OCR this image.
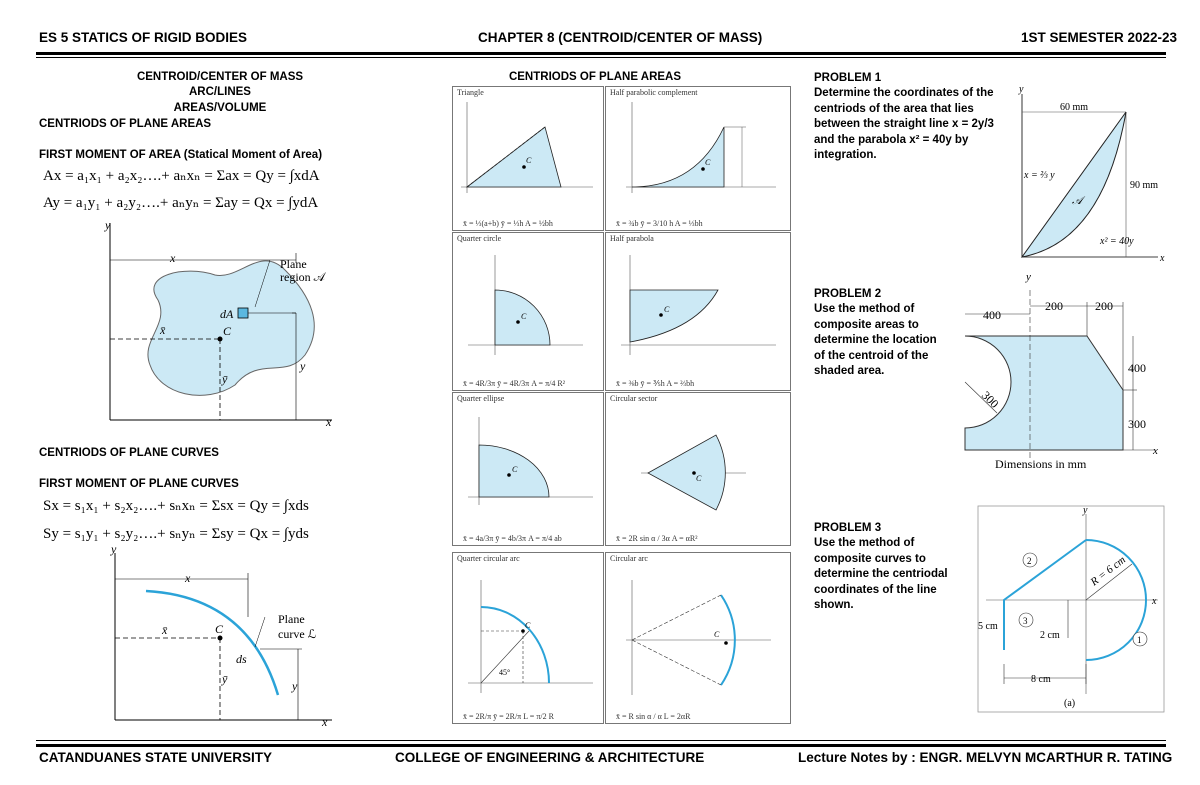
ES 5 STATICS OF RIGID BODIES	CHAPTER 8 (CENTROID/CENTER OF MASS)	1ST SEMESTER 2022-23
CENTROID/CENTER OF MASS
ARC/LINES
AREAS/VOLUME
CENTRIODS OF PLANE AREAS
FIRST MOMENT OF AREA (Statical Moment of Area)
Ax = a₁x₁ + a₂x₂….+ aₙxₙ = Σax = Qy = ∫xdA
Ay = a₁y₁ + a₂y₂….+ aₙyₙ = Σay = Qx = ∫ydA
x
y
x
y
Plane
region 𝒜
dA
C
x̄
ȳ
CENTRIODS OF PLANE CURVES
FIRST MOMENT OF PLANE CURVES
Sx = s₁x₁ + s₂x₂….+ sₙxₙ = Σsx = Qy = ∫xds
Sy = s₁y₁ + s₂y₂….+ sₙyₙ = Σsy = Qx = ∫yds
x
y
x
y
Plane
curve ℒ
ds
C
x̄
ȳ
CENTRIODS OF PLANE AREAS
Triangle
C
x̄ = ⅓(a+b) ȳ = ⅓h A = ½bh
Half parabolic complement
C
x̄ = ¾b ȳ = 3/10 h A = ⅓bh
Quarter circle
C
x̄ = 4R/3π ȳ = 4R/3π A = π/4 R²
Half parabola
C
x̄ = ⅜b ȳ = ⅗h A = ⅔bh
Quarter ellipse
C
x̄ = 4a/3π ȳ = 4b/3π A = π/4 ab
Circular sector
C
x̄ = 2R sin α / 3α A = αR²
Quarter circular arc
C
45°
x̄ = 2R/π ȳ = 2R/π L = π/2 R
Circular arc
C
x̄ = R sin α / α L = 2αR
PROBLEM 1
Determine the coordinates of the
centriods of the area that lies
between the straight line x = 2y/3
and the parabola x² = 40y by
integration.
y
x
60 mm
90 mm
x = ⅔ y
𝒜
x² = 40y
PROBLEM 2
Use the method of
composite areas to
determine the location
of the centroid of the
shaded area.
y
x
400
200	200
400
300
300
Dimensions in mm
PROBLEM 3
Use the method of
composite curves to
determine the centriodal
coordinates of the line
shown.
y
x
R = 6 cm
5 cm
2 cm
8 cm
2
3
1
(a)
CATANDUANES STATE UNIVERSITY	COLLEGE OF ENGINEERING & ARCHITECTURE	Lecture Notes by : ENGR. MELVYN MCARTHUR R. TATING
